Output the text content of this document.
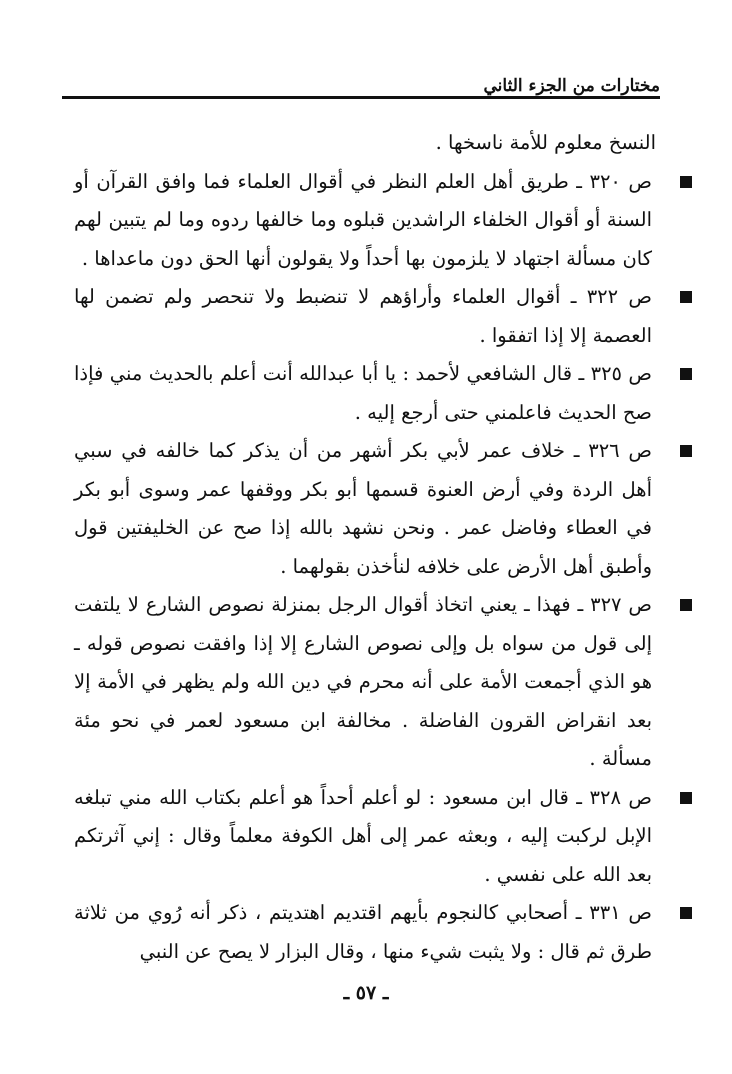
مختارات من الجزء الثاني

النسخ معلوم للأمة ناسخها .

ص ٣٢٠ ـ طريق أهل العلم النظر في أقوال العلماء فما وافق القرآن أو السنة أو أقوال الخلفاء الراشدين قبلوه وما خالفها ردوه وما لم يتبين لهم كان مسألة اجتهاد لا يلزمون بها أحداً ولا يقولون أنها الحق دون ماعداها .

ص ٣٢٢ ـ أقوال العلماء وأراؤهم لا تنضبط ولا تنحصر ولم تضمن لها العصمة إلا إذا اتفقوا .

ص ٣٢٥ ـ قال الشافعي لأحمد : يا أبا عبدالله أنت أعلم بالحديث مني فإذا صح الحديث فاعلمني حتى أرجع إليه .

ص ٣٢٦ ـ خلاف عمر لأبي بكر أشهر من أن يذكر كما خالفه في سبي أهل الردة وفي أرض العنوة قسمها أبو بكر ووقفها عمر وسوى أبو بكر في العطاء وفاضل عمر . ونحن نشهد بالله إذا صح عن الخليفتين قول وأطبق أهل الأرض على خلافه لنأخذن بقولهما .

ص ٣٢٧ ـ فهذا ـ يعني اتخاذ أقوال الرجل بمنزلة نصوص الشارع لا يلتفت إلى قول من سواه بل وإلى نصوص الشارع إلا إذا وافقت نصوص قوله ـ هو الذي أجمعت الأمة على أنه محرم في دين الله ولم يظهر في الأمة إلا بعد انقراض القرون الفاضلة . مخالفة ابن مسعود لعمر في نحو مئة مسألة .

ص ٣٢٨ ـ قال ابن مسعود : لو أعلم أحداً هو أعلم بكتاب الله مني تبلغه الإبل لركبت إليه ، وبعثه عمر إلى أهل الكوفة معلماً وقال : إني آثرتكم بعد الله على نفسي .

ص ٣٣١ ـ أصحابي كالنجوم بأيهم اقتديم اهتديتم ، ذكر أنه رُوي من ثلاثة طرق ثم قال : ولا يثبت شيء منها ، وقال البزار لا يصح عن النبي

ـ ٥٧ ـ
